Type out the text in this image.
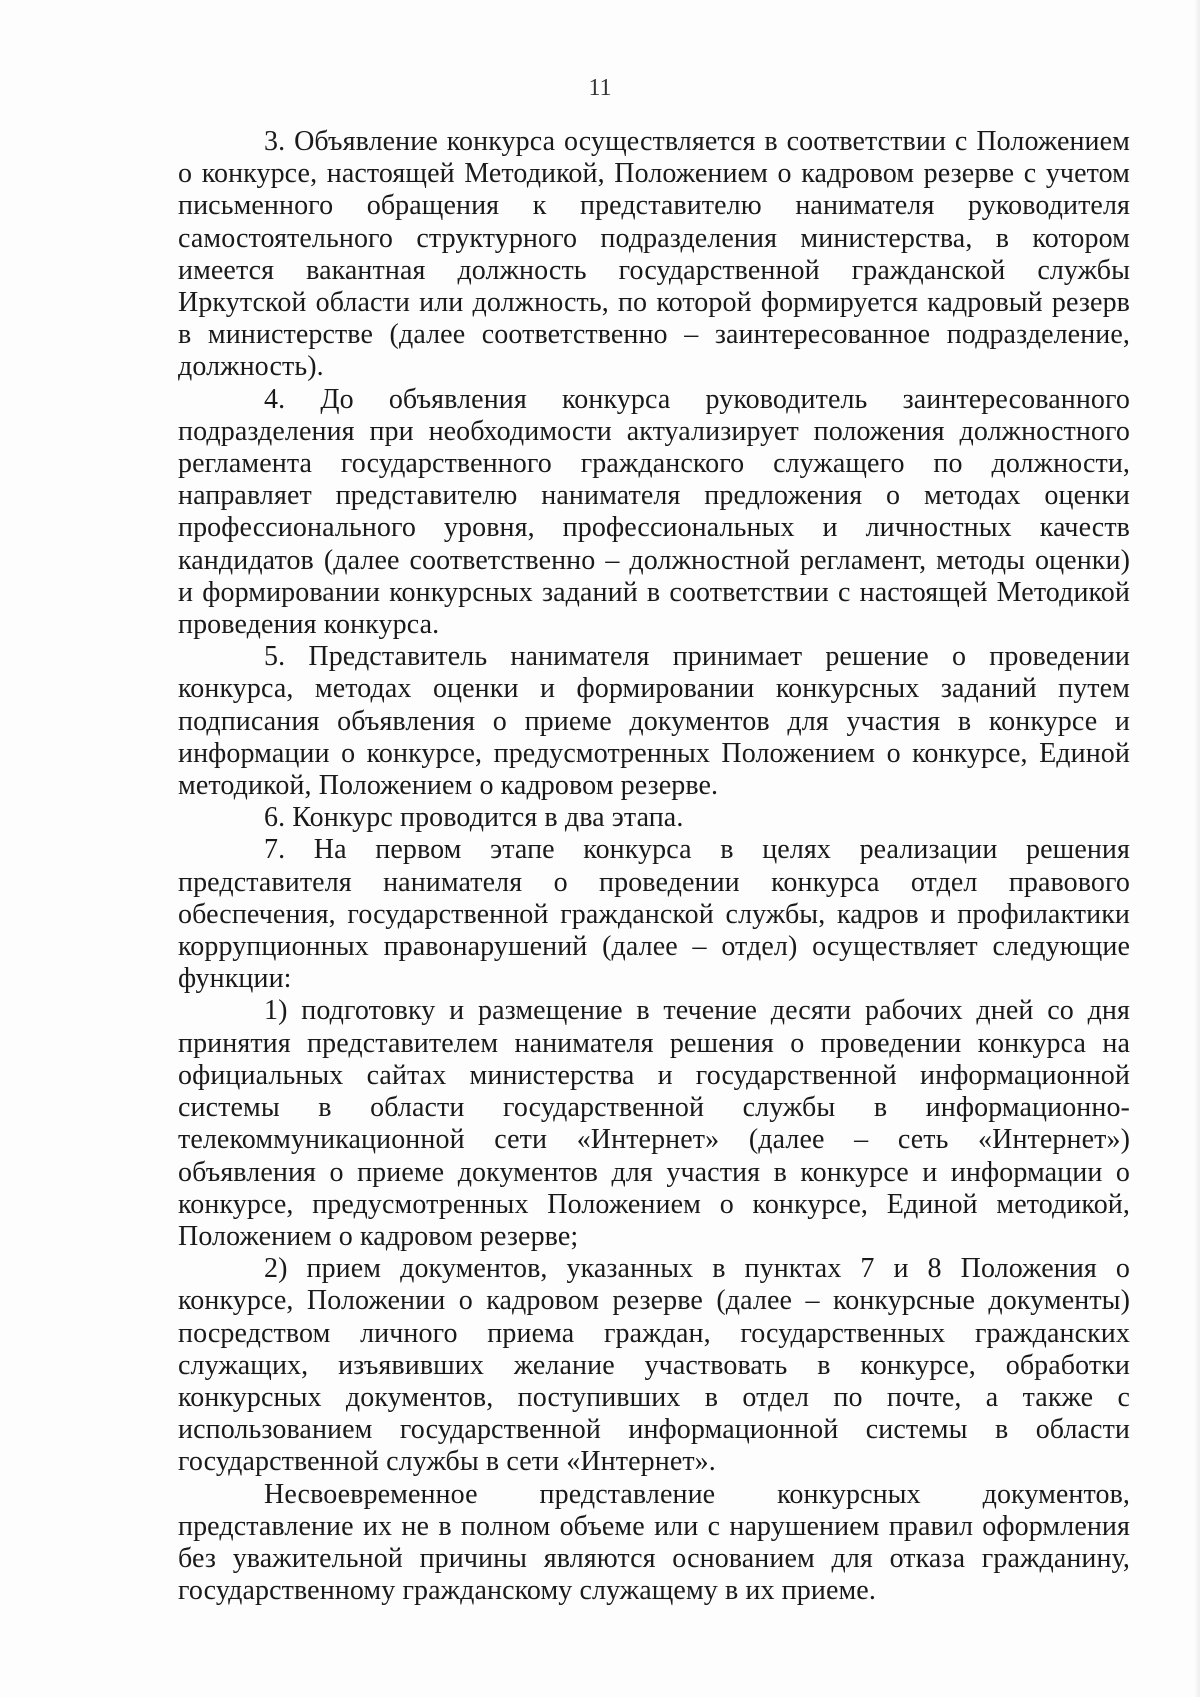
11

3. Объявление конкурса осуществляется в соответствии с Положением о конкурсе, настоящей Методикой, Положением о кадровом резерве с учетом письменного обращения к представителю нанимателя руководителя самостоятельного структурного подразделения министерства, в котором имеется вакантная должность государственной гражданской службы Иркутской области или должность, по которой формируется кадровый резерв в министерстве (далее соответственно – заинтересованное подразделение, должность).

4. До объявления конкурса руководитель заинтересованного подразделения при необходимости актуализирует положения должностного регламента государственного гражданского служащего по должности, направляет представителю нанимателя предложения о методах оценки профессионального уровня, профессиональных и личностных качеств кандидатов (далее соответственно – должностной регламент, методы оценки) и формировании конкурсных заданий в соответствии с настоящей Методикой проведения конкурса.

5. Представитель нанимателя принимает решение о проведении конкурса, методах оценки и формировании конкурсных заданий путем подписания объявления о приеме документов для участия в конкурсе и информации о конкурсе, предусмотренных Положением о конкурсе, Единой методикой, Положением о кадровом резерве.

6. Конкурс проводится в два этапа.

7. На первом этапе конкурса в целях реализации решения представителя нанимателя о проведении конкурса отдел правового обеспечения, государственной гражданской службы, кадров и профилактики коррупционных правонарушений (далее – отдел) осуществляет следующие функции:

1) подготовку и размещение в течение десяти рабочих дней со дня принятия представителем нанимателя решения о проведении конкурса на официальных сайтах министерства и государственной информационной системы в области государственной службы в информационно-телекоммуникационной сети «Интернет» (далее – сеть «Интернет») объявления о приеме документов для участия в конкурсе и информации о конкурсе, предусмотренных Положением о конкурсе, Единой методикой, Положением о кадровом резерве;

2) прием документов, указанных в пунктах 7 и 8 Положения о конкурсе, Положении о кадровом резерве (далее – конкурсные документы) посредством личного приема граждан, государственных гражданских служащих, изъявивших желание участвовать в конкурсе, обработки конкурсных документов, поступивших в отдел по почте, а также с использованием государственной информационной системы в области государственной службы в сети «Интернет».

Несвоевременное представление конкурсных документов, представление их не в полном объеме или с нарушением правил оформления без уважительной причины являются основанием для отказа гражданину, государственному гражданскому служащему в их приеме.
